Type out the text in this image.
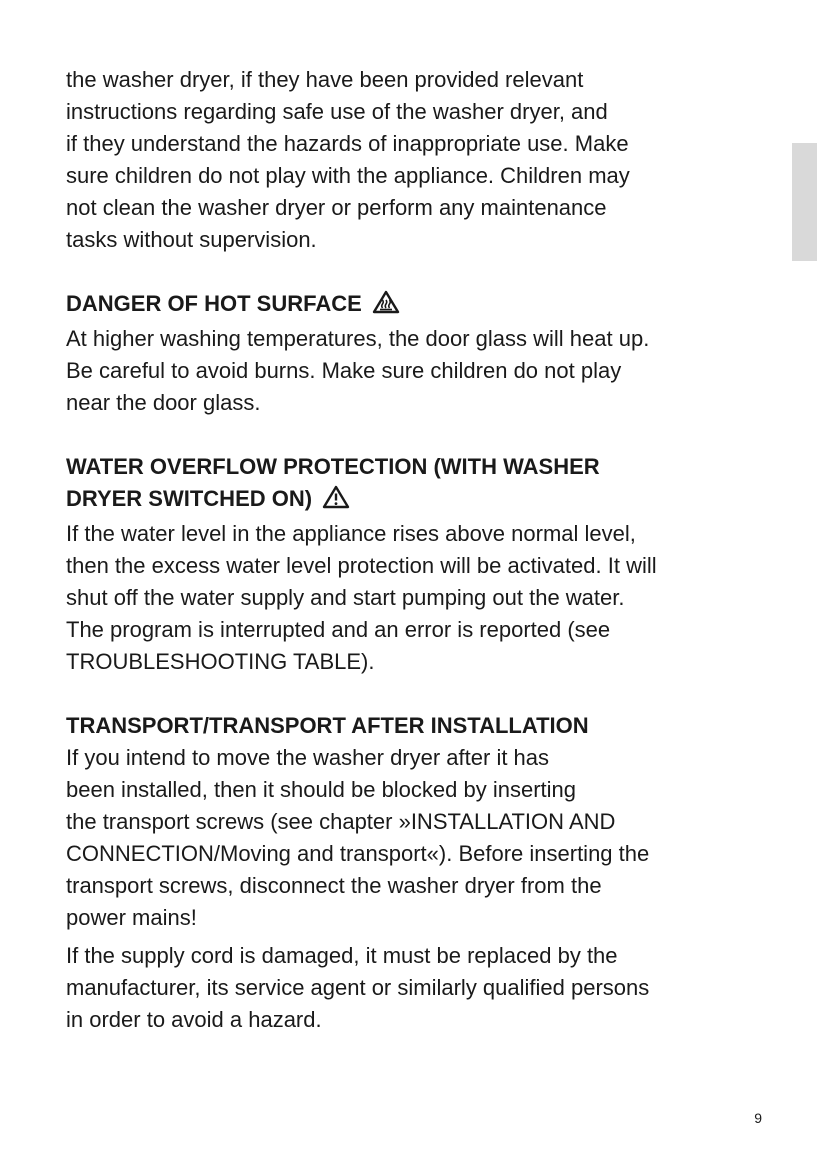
the washer dryer, if they have been provided relevant
instructions regarding safe use of the washer dryer, and
if they understand the hazards of inappropriate use. Make
sure children do not play with the appliance. Children may
not clean the washer dryer or perform any maintenance
tasks without supervision.

DANGER OF HOT SURFACE

At higher washing temperatures, the door glass will heat up.
Be careful to avoid burns. Make sure children do not play
near the door glass.

WATER OVERFLOW PROTECTION (WITH WASHER
DRYER SWITCHED ON)

If the water level in the appliance rises above normal level,
then the excess water level protection will be activated. It will
shut off the water supply and start pumping out the water.
The program is interrupted and an error is reported (see
TROUBLESHOOTING TABLE).

TRANSPORT/TRANSPORT AFTER INSTALLATION

If you intend to move the washer dryer after it has
been installed, then it should be blocked by inserting
the transport screws (see chapter »INSTALLATION AND
CONNECTION/Moving and transport«). Before inserting the
transport screws, disconnect the washer dryer from the
power mains!

If the supply cord is damaged, it must be replaced by the
manufacturer, its service agent or similarly qualified persons
in order to avoid a hazard.

9
